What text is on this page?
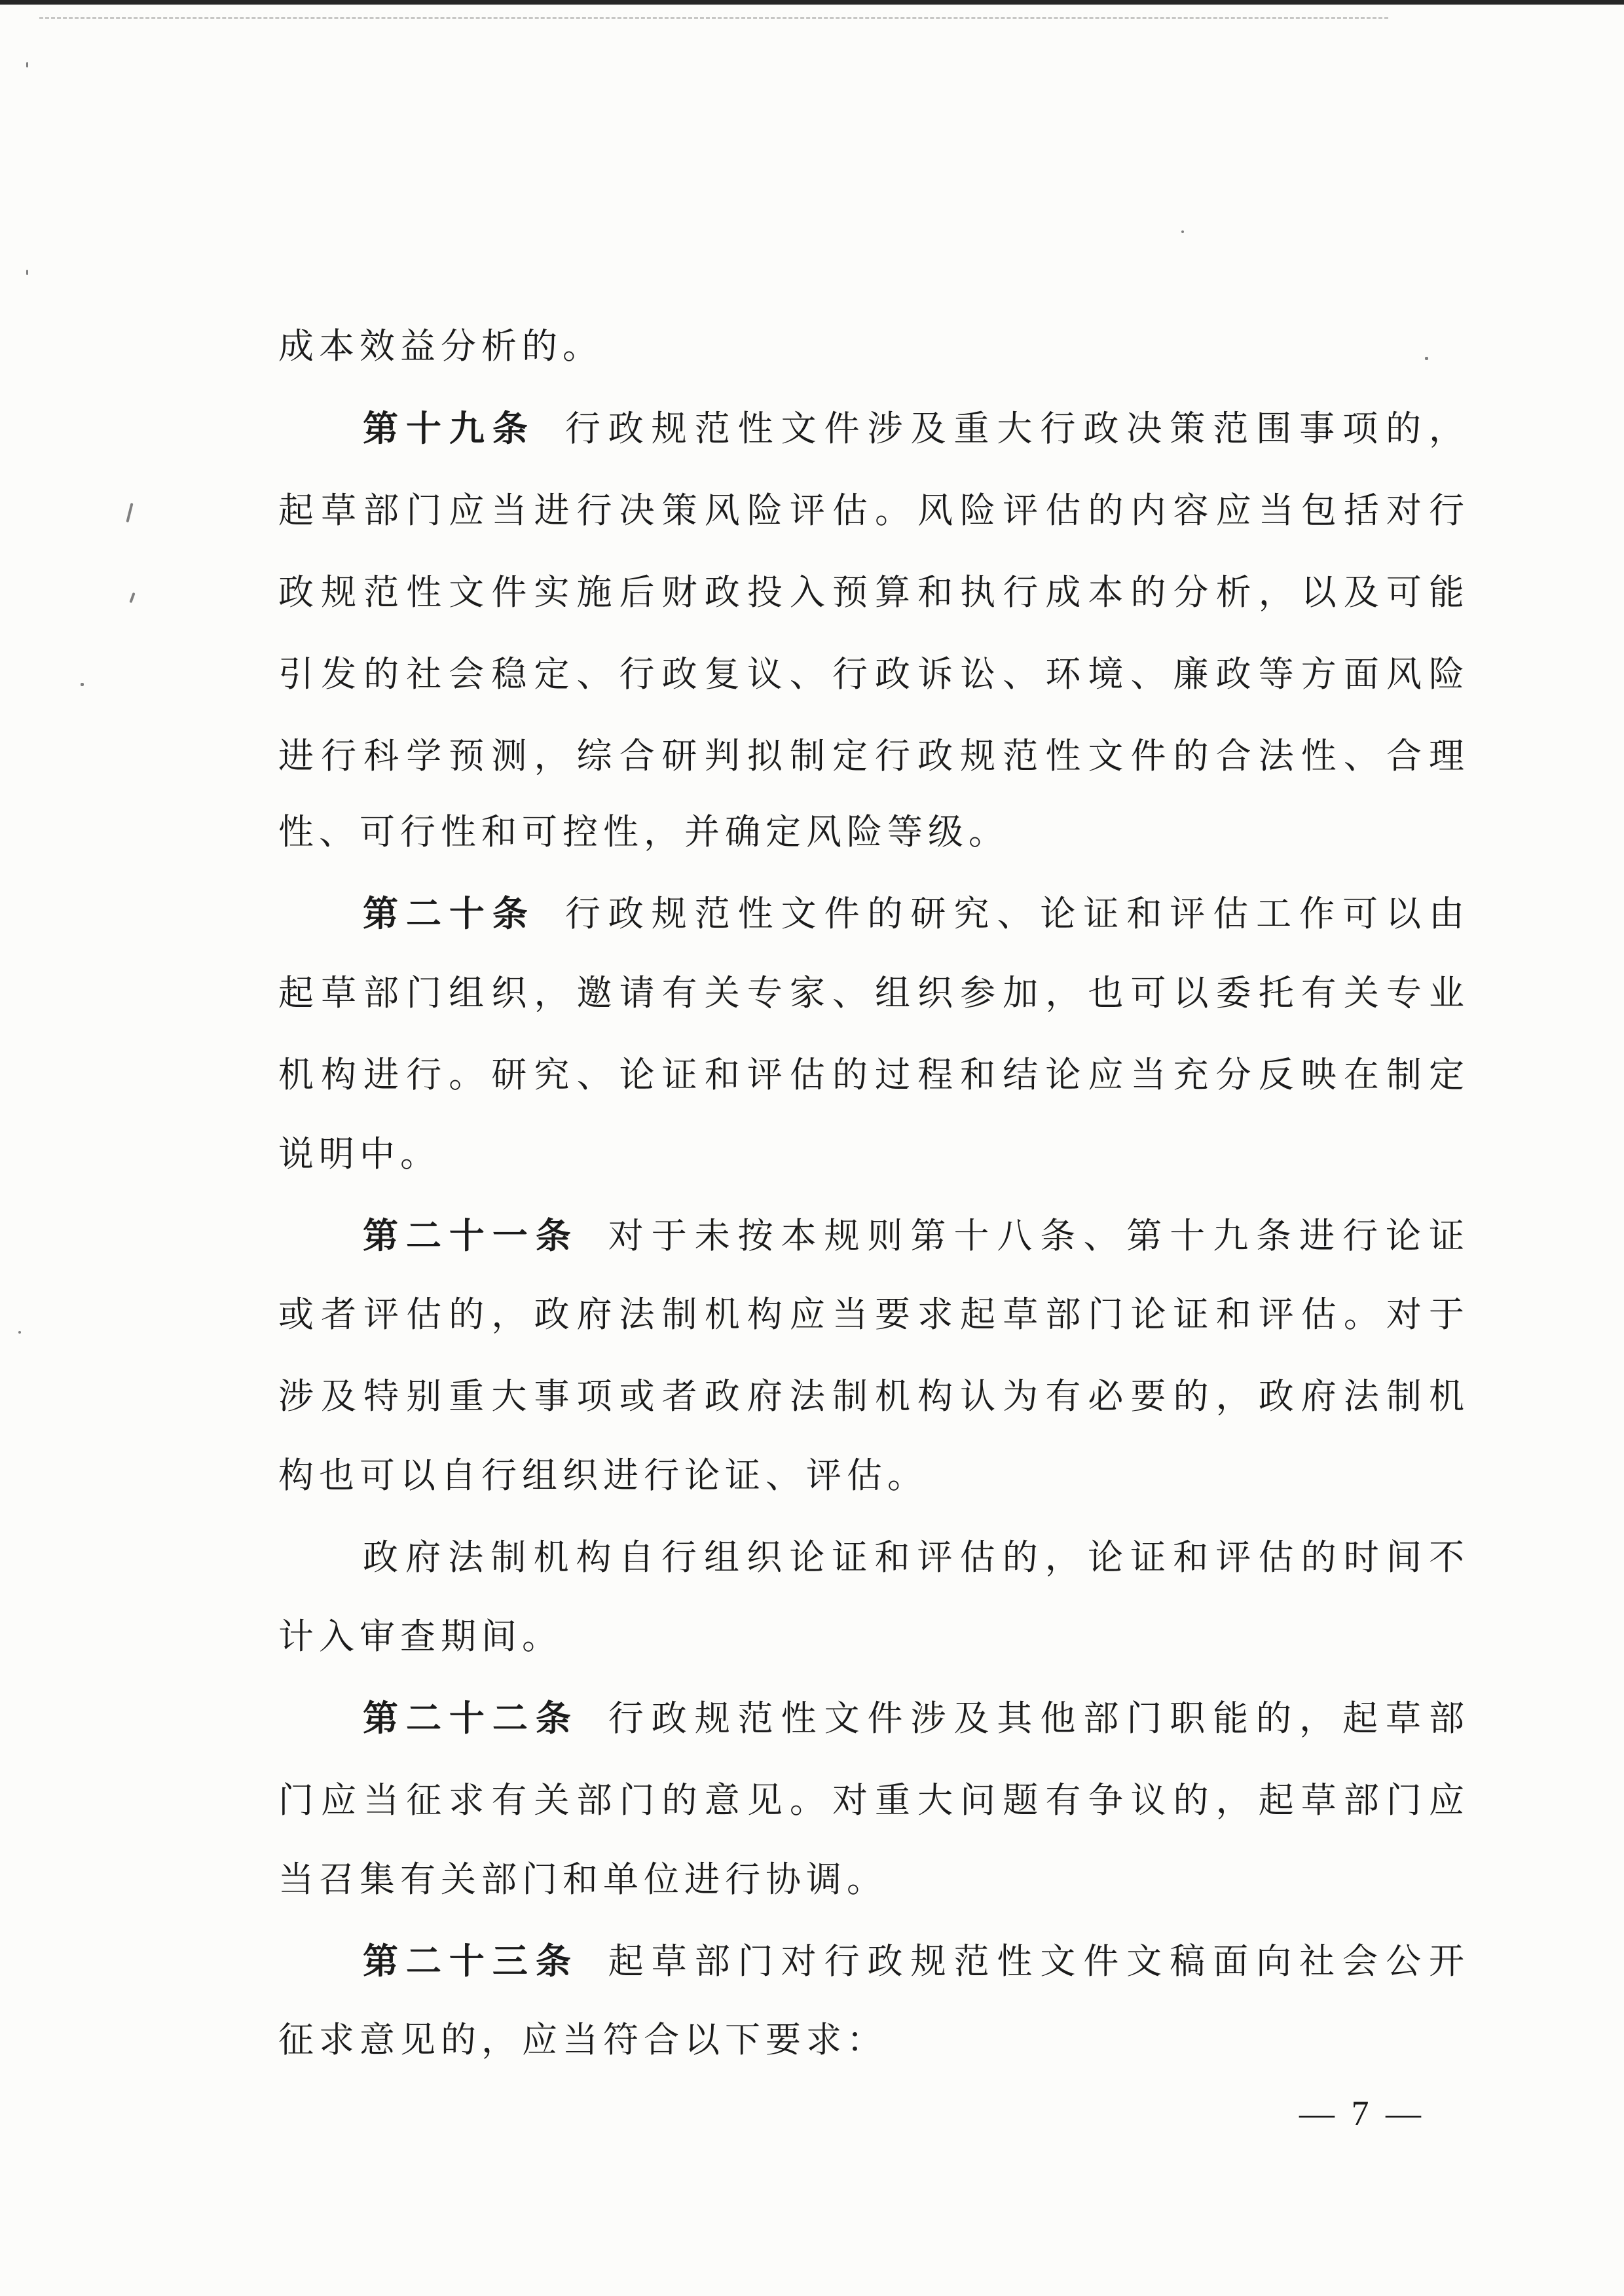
成本效益分析的。
第十九条 行政规范性文件涉及重大行政决策范围事项的，
起草部门应当进行决策风险评估。风险评估的内容应当包括对行
政规范性文件实施后财政投入预算和执行成本的分析，以及可能
引发的社会稳定、行政复议、行政诉讼、环境、廉政等方面风险
进行科学预测，综合研判拟制定行政规范性文件的合法性、合理
性、可行性和可控性，并确定风险等级。
第二十条 行政规范性文件的研究、论证和评估工作可以由
起草部门组织，邀请有关专家、组织参加，也可以委托有关专业
机构进行。研究、论证和评估的过程和结论应当充分反映在制定
说明中。
第二十一条 对于未按本规则第十八条、第十九条进行论证
或者评估的，政府法制机构应当要求起草部门论证和评估。对于
涉及特别重大事项或者政府法制机构认为有必要的，政府法制机
构也可以自行组织进行论证、评估。
政府法制机构自行组织论证和评估的，论证和评估的时间不
计入审查期间。
第二十二条 行政规范性文件涉及其他部门职能的，起草部
门应当征求有关部门的意见。对重大问题有争议的，起草部门应
当召集有关部门和单位进行协调。
第二十三条 起草部门对行政规范性文件文稿面向社会公开
征求意见的，应当符合以下要求：
— 7 —
